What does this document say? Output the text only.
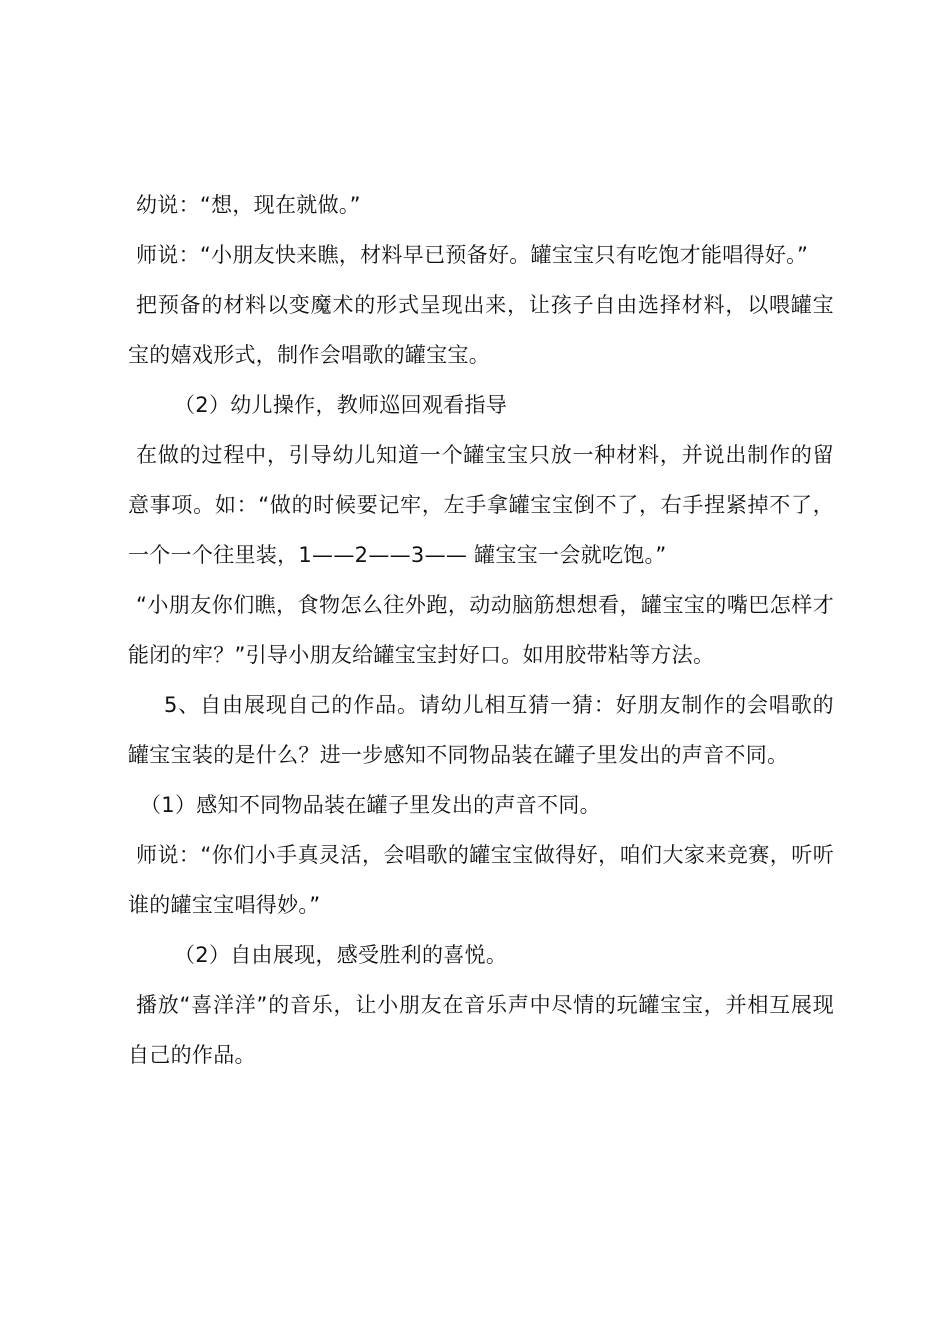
幼说：“想，现在就做。”

师说：“小朋友快来瞧，材料早已预备好。罐宝宝只有吃饱才能唱得好。”

把预备的材料以变魔术的形式呈现出来，让孩子自由选择材料，以喂罐宝宝的嬉戏形式，制作会唱歌的罐宝宝。

（2）幼儿操作，教师巡回观看指导

在做的过程中，引导幼儿知道一个罐宝宝只放一种材料，并说出制作的留意事项。如：“做的时候要记牢，左手拿罐宝宝倒不了，右手捏紧掉不了，一个一个往里装，1——2——3—— 罐宝宝一会就吃饱。”

“小朋友你们瞧，食物怎么往外跑，动动脑筋想想看，罐宝宝的嘴巴怎样才能闭的牢？”引导小朋友给罐宝宝封好口。如用胶带粘等方法。

5、自由展现自己的作品。请幼儿相互猜一猜：好朋友制作的会唱歌的罐宝宝装的是什么？进一步感知不同物品装在罐子里发出的声音不同。

（1）感知不同物品装在罐子里发出的声音不同。

师说：“你们小手真灵活，会唱歌的罐宝宝做得好，咱们大家来竞赛，听听谁的罐宝宝唱得妙。”

（2）自由展现，感受胜利的喜悦。

播放“喜洋洋”的音乐，让小朋友在音乐声中尽情的玩罐宝宝，并相互展现自己的作品。
